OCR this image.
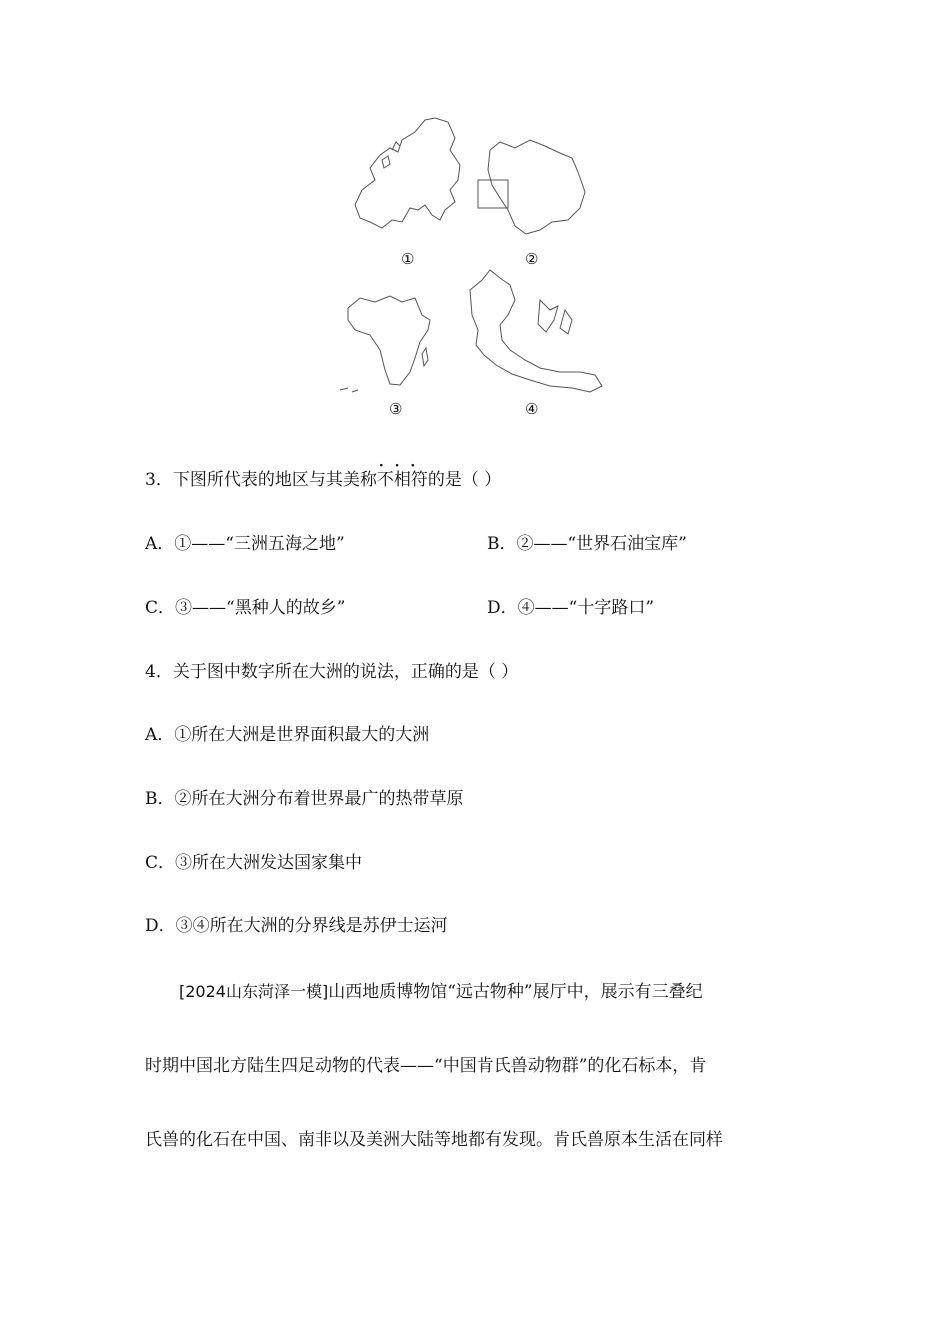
①	②
③	④
3．下图所代表的地区与其美称不相符 · · ·的是（ ）
A．①——“三洲五海之地”	B．②——“世界石油宝库”
C．③——“黑种人的故乡”	D．④——“十字路口”
4．关于图中数字所在大洲的说法，正确的是（ ）
A．①所在大洲是世界面积最大的大洲
B．②所在大洲分布着世界最广的热带草原
C．③所在大洲发达国家集中
D．③④所在大洲的分界线是苏伊士运河
[2024山东菏泽一模]山西地质博物馆“远古物种”展厅中，展示有三叠纪
时期中国北方陆生四足动物的代表——“中国肯氏兽动物群”的化石标本，肯
氏兽的化石在中国、南非以及美洲大陆等地都有发现。肯氏兽原本生活在同样
